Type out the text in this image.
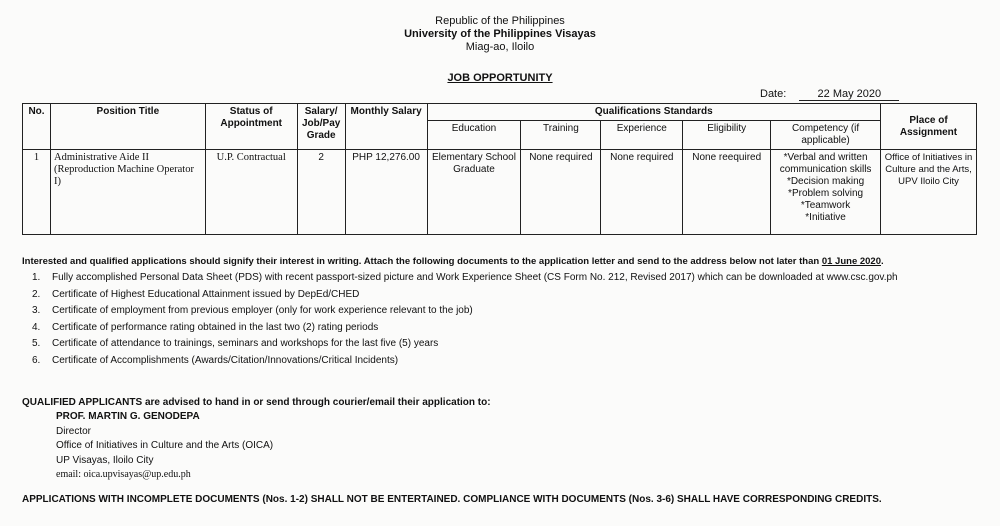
Republic of the Philippines
University of the Philippines Visayas
Miag-ao, Iloilo
JOB OPPORTUNITY
Date:	22 May 2020
No.	Position Title	Status of Appointment	Salary/ Job/Pay Grade	Monthly Salary	Qualifications Standards					Place of Assignment
					Education	Training	Experience	Eligibility	Competency (if applicable)	
1	Administrative Aide II (Reproduction Machine Operator I)	U.P. Contractual	2	PHP 12,276.00	Elementary School Graduate	None required	None required	None reequired	*Verbal and written communication skills
*Decision making
*Problem solving
*Teamwork
*Initiative	Office of Initiatives in Culture and the Arts, UPV Iloilo City
Interested and qualified applications should signify their interest in writing. Attach the following documents to the application letter and send to the address below not later than 01 June 2020.
1. Fully accomplished Personal Data Sheet (PDS) with recent passport-sized picture and Work Experience Sheet (CS Form No. 212, Revised 2017) which can be downloaded at www.csc.gov.ph
2. Certificate of Highest Educational Attainment issued by DepEd/CHED
3. Certificate of employment from previous employer (only for work experience relevant to the job)
4. Certificate of performance rating obtained in the last two (2) rating periods
5. Certificate of attendance to trainings, seminars and workshops for the last five (5) years
6. Certificate of Accomplishments (Awards/Citation/Innovations/Critical Incidents)
QUALIFIED APPLICANTS are advised to hand in or send through courier/email their application to:
PROF. MARTIN G. GENODEPA
Director
Office of Initiatives in Culture and the Arts (OICA)
UP Visayas, Iloilo City
email: oica.upvisayas@up.edu.ph
APPLICATIONS WITH INCOMPLETE DOCUMENTS (Nos. 1-2) SHALL NOT BE ENTERTAINED. COMPLIANCE WITH DOCUMENTS (Nos. 3-6) SHALL HAVE CORRESPONDING CREDITS.
